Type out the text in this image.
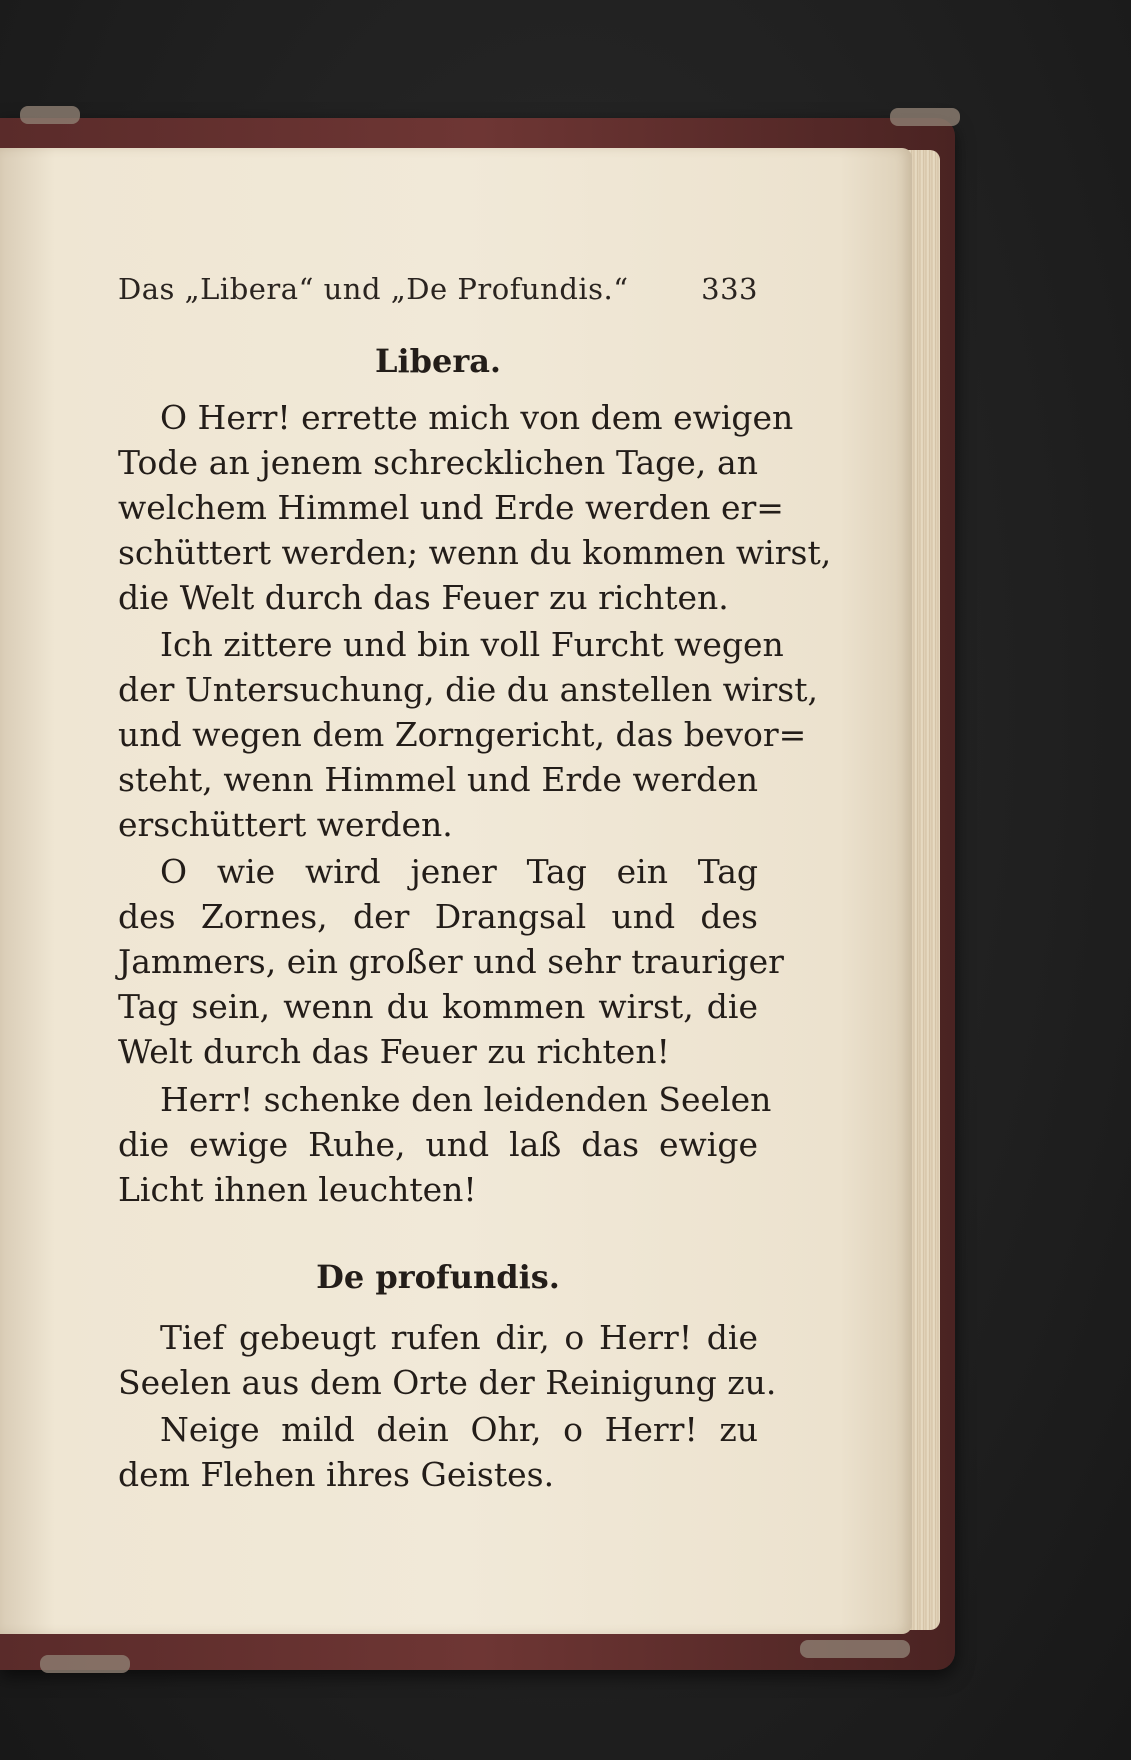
Das „Libera“ und „De Profundis.“	333
Libera.
O Herr! errette mich von dem ewigen
Tode an jenem schrecklichen Tage, an
welchem Himmel und Erde werden er=
schüttert werden; wenn du kommen wirst,
die Welt durch das Feuer zu richten.
Ich zittere und bin voll Furcht wegen
der Untersuchung, die du anstellen wirst,
und wegen dem Zorngericht, das bevor=
steht, wenn Himmel und Erde werden
erschüttert werden.
O wie wird jener Tag ein Tag
des Zornes, der Drangsal und des
Jammers, ein großer und sehr trauriger
Tag sein, wenn du kommen wirst, die
Welt durch das Feuer zu richten!
Herr! schenke den leidenden Seelen
die ewige Ruhe, und laß das ewige
Licht ihnen leuchten!
De profundis.
Tief gebeugt rufen dir, o Herr! die
Seelen aus dem Orte der Reinigung zu.
Neige mild dein Ohr, o Herr! zu
dem Flehen ihres Geistes.
